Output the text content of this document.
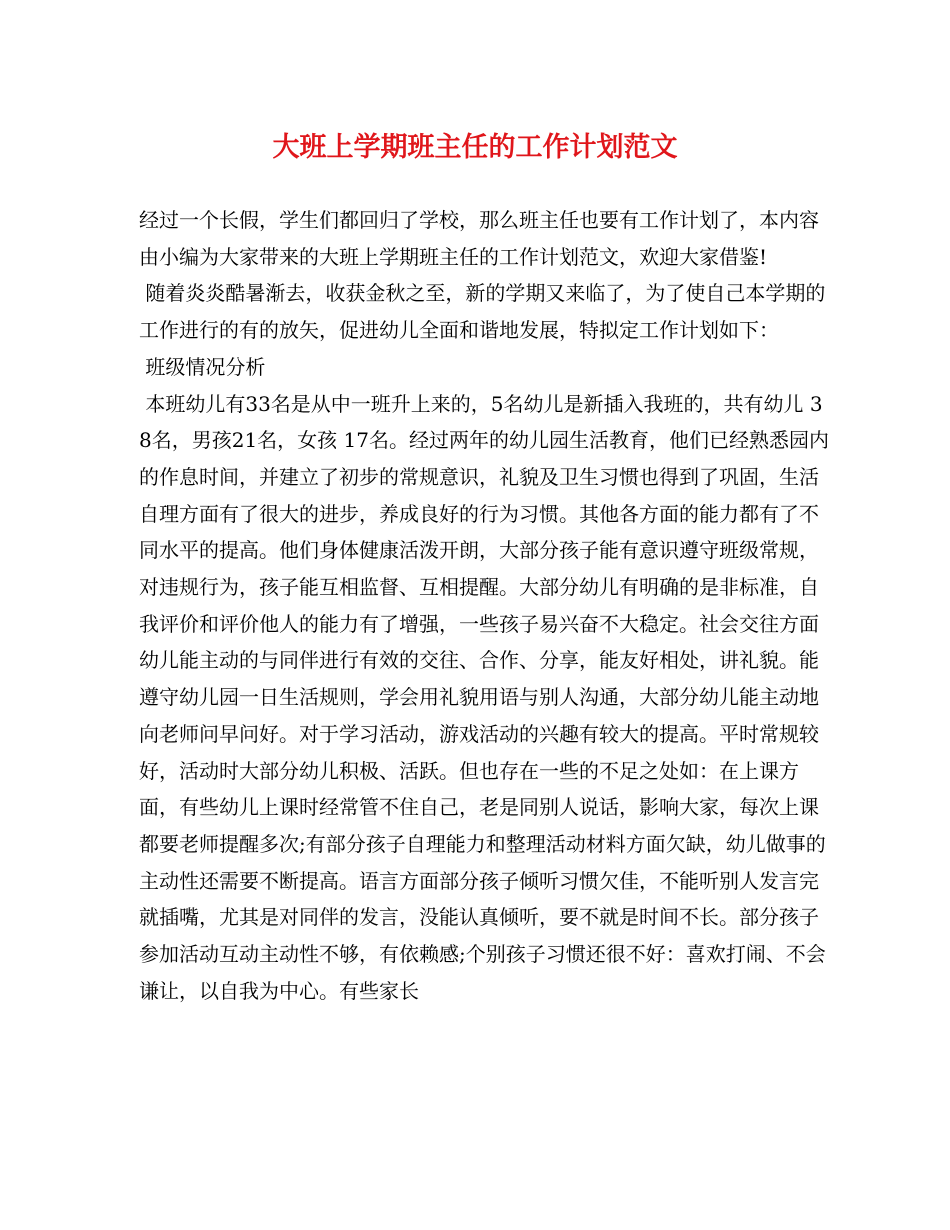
大班上学期班主任的工作计划范文

经过一个长假，学生们都回归了学校，那么班主任也要有工作计划了，本内容由小编为大家带来的大班上学期班主任的工作计划范文，欢迎大家借鉴!

随着炎炎酷暑渐去，收获金秋之至，新的学期又来临了，为了使自己本学期的工作进行的有的放矢，促进幼儿全面和谐地发展，特拟定工作计划如下：

班级情况分析

本班幼儿有33名是从中一班升上来的，5名幼儿是新插入我班的，共有幼儿 38名，男孩21名，女孩 17名。经过两年的幼儿园生活教育，他们已经熟悉园内的作息时间，并建立了初步的常规意识，礼貌及卫生习惯也得到了巩固，生活自理方面有了很大的进步，养成良好的行为习惯。其他各方面的能力都有了不同水平的提高。他们身体健康活泼开朗，大部分孩子能有意识遵守班级常规，对违规行为，孩子能互相监督、互相提醒。大部分幼儿有明确的是非标准，自我评价和评价他人的能力有了增强，一些孩子易兴奋不大稳定。社会交往方面幼儿能主动的与同伴进行有效的交往、合作、分享，能友好相处，讲礼貌。能遵守幼儿园一日生活规则，学会用礼貌用语与别人沟通，大部分幼儿能主动地向老师问早问好。对于学习活动，游戏活动的兴趣有较大的提高。平时常规较好，活动时大部分幼儿积极、活跃。但也存在一些的不足之处如：在上课方面，有些幼儿上课时经常管不住自己，老是同别人说话，影响大家，每次上课都要老师提醒多次;有部分孩子自理能力和整理活动材料方面欠缺，幼儿做事的主动性还需要不断提高。语言方面部分孩子倾听习惯欠佳，不能听别人发言完就插嘴，尤其是对同伴的发言，没能认真倾听，要不就是时间不长。部分孩子参加活动互动主动性不够，有依赖感;个别孩子习惯还很不好：喜欢打闹、不会谦让，以自我为中心。有些家长
